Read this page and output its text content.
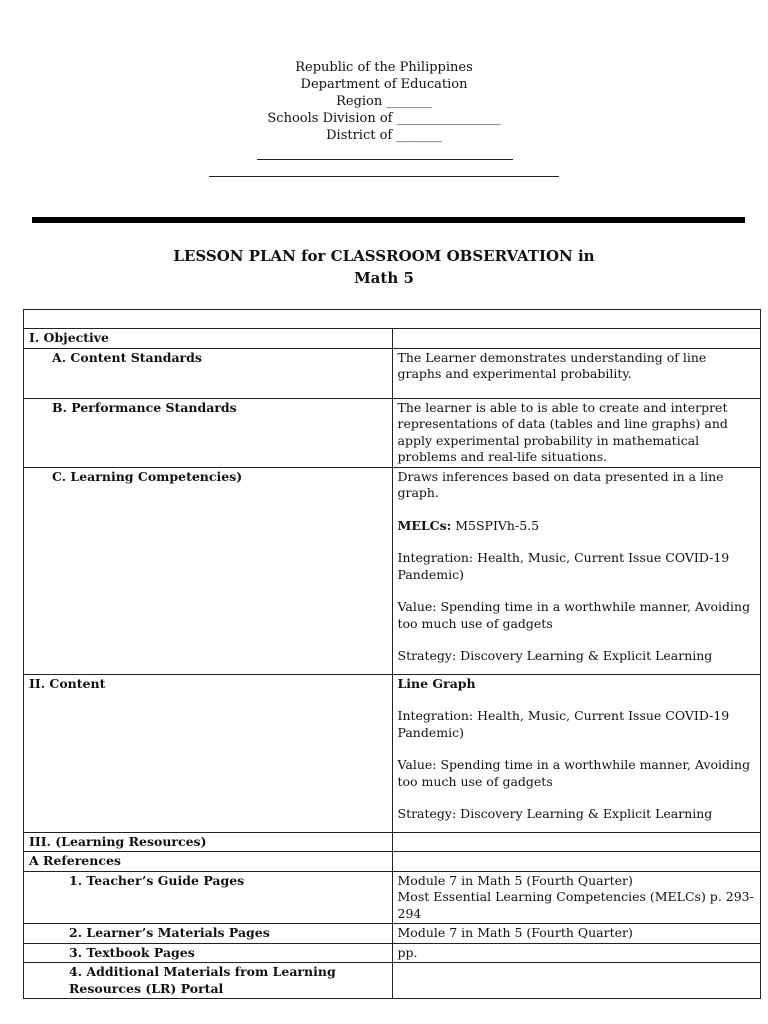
Republic of the Philippines
Department of Education
Region _______
Schools Division of ________________
District of _______
LESSON PLAN for CLASSROOM OBSERVATION in
Math 5

I. Objective	
A. Content Standards	The Learner demonstrates understanding of line graphs and experimental probability.
B. Performance Standards	The learner is able to is able to create and interpret representations of data (tables and line graphs) and apply experimental probability in mathematical problems and real-life situations.
C. Learning Competencies)	Draws inferences based on data presented in a line graph.

MELCs: M5SPIVh-5.5

Integration: Health, Music, Current Issue COVID-19 Pandemic)

Value: Spending time in a worthwhile manner, Avoiding too much use of gadgets

Strategy: Discovery Learning & Explicit Learning

II. Content	Line Graph

Integration: Health, Music, Current Issue COVID-19 Pandemic)

Value: Spending time in a worthwhile manner, Avoiding too much use of gadgets

Strategy: Discovery Learning & Explicit Learning

III. (Learning Resources)	
A References	
1. Teacher’s Guide Pages	Module 7 in Math 5 (Fourth Quarter)
Most Essential Learning Competencies (MELCs) p. 293-294

2. Learner’s Materials Pages	Module 7 in Math 5 (Fourth Quarter)
3. Textbook Pages	pp.
4. Additional Materials from Learning Resources (LR) Portal	
